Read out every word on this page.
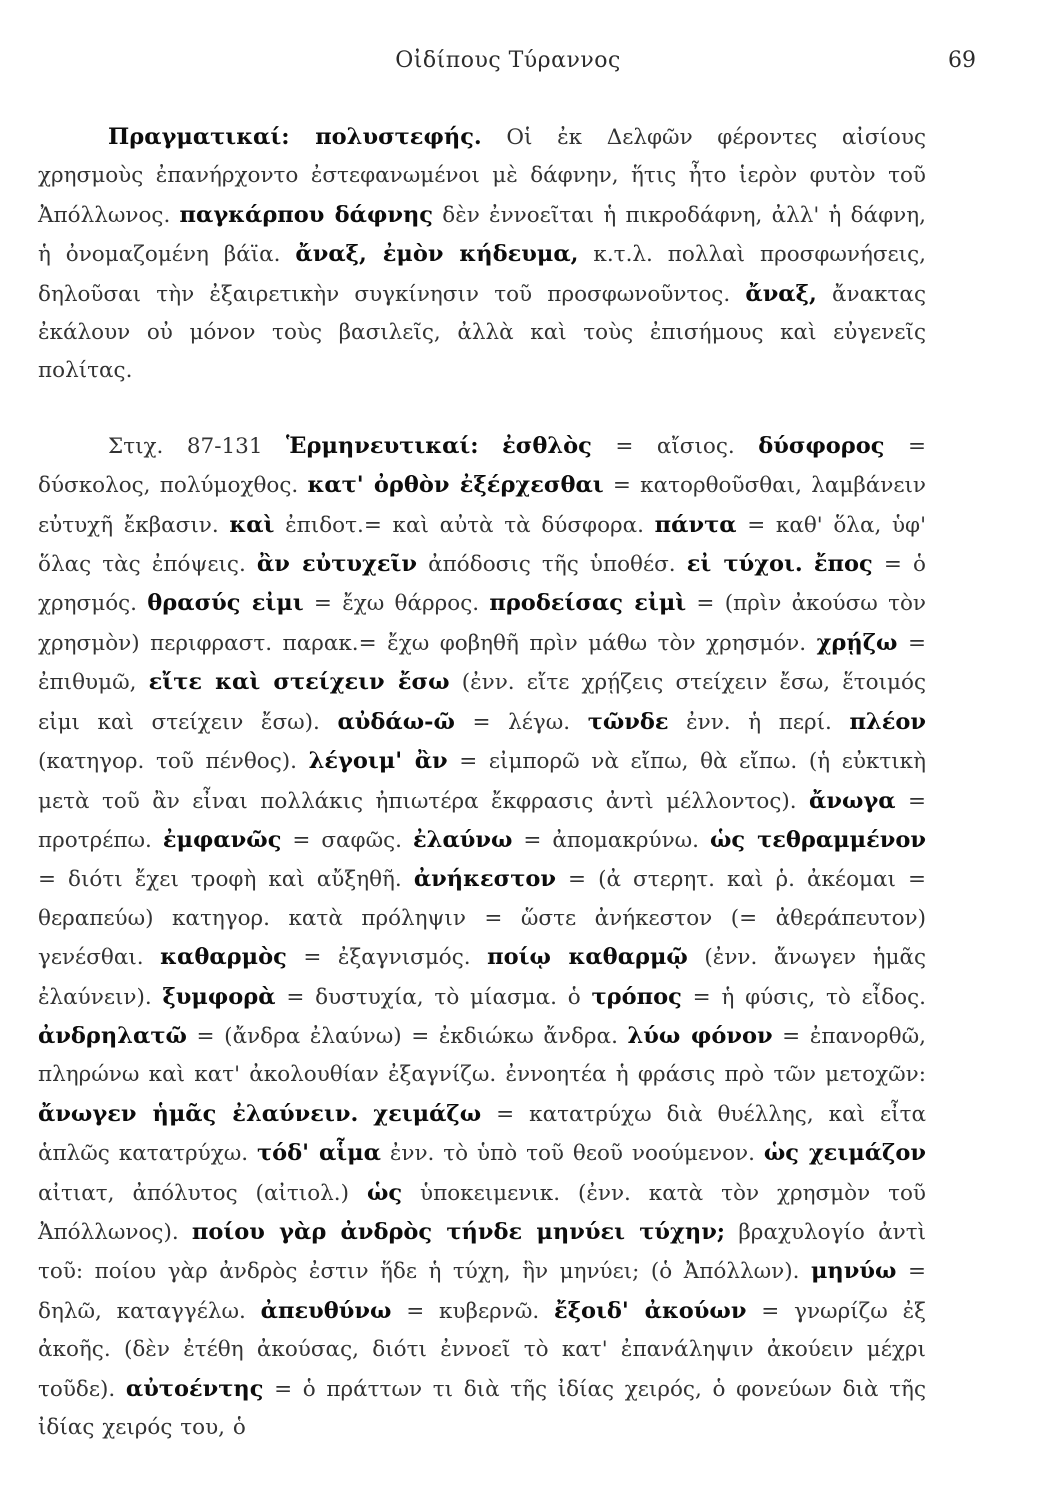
Οἰδίπους Τύραννος	69

Πραγματικαί: πολυστεφής. Οἱ ἐκ Δελφῶν φέροντες αἰσίους χρησμοὺς ἐπανήρχοντο ἐστεφανωμένοι μὲ δάφνην, ἥτις ἦτο ἱερὸν φυτὸν τοῦ Ἀπόλλωνος. παγκάρπου δάφνης δὲν ἐννοεῖται ἡ πικροδάφνη, ἀλλ' ἡ δάφνη, ἡ ὀνομαζομένη βάϊα. ἄναξ, ἐμὸν κήδευμα, κ.τ.λ. πολλαὶ προσφωνήσεις, δηλοῦσαι τὴν ἐξαιρετικὴν συγκίνησιν τοῦ προσφωνοῦντος. ἄναξ, ἄνακτας ἐκάλουν οὐ μόνον τοὺς βασιλεῖς, ἀλλὰ καὶ τοὺς ἐπισήμους καὶ εὐγενεῖς πολίτας.

Στιχ. 87-131 Ἑρμηνευτικαί: ἐσθλὸς = αἴσιος. δύσφορος = δύσκολος, πολύμοχθος. κατ' ὀρθὸν ἐξέρχεσθαι = κατορθοῦσθαι, λαμβάνειν εὐτυχῆ ἔκβασιν. καὶ ἐπιδοτ.= καὶ αὐτὰ τὰ δύσφορα. πάντα = καθ' ὅλα, ὑφ' ὅλας τὰς ἐπόψεις. ἂν εὐτυχεῖν ἀπόδοσις τῆς ὑποθέσ. εἰ τύχοι. ἔπος = ὁ χρησμός. θρασύς εἰμι = ἔχω θάρρος. προδείσας εἰμὶ = (πρὶν ἀκούσω τὸν χρησμὸν) περιφραστ. παρακ.= ἔχω φοβηθῆ πρὶν μάθω τὸν χρησμόν. χρῄζω = ἐπιθυμῶ, εἴτε καὶ στείχειν ἔσω (ἐνν. εἴτε χρῄζεις στείχειν ἔσω, ἕτοιμός εἰμι καὶ στείχειν ἔσω). αὐδάω-ῶ = λέγω. τῶνδε ἐνν. ἡ περί. πλέον (κατηγορ. τοῦ πένθος). λέγοιμ' ἂν = εἰμπορῶ νὰ εἴπω, θὰ εἴπω. (ἡ εὐκτικὴ μετὰ τοῦ ἂν εἶναι πολλάκις ἠπιωτέρα ἔκφρασις ἀντὶ μέλλοντος). ἄνωγα = προτρέπω. ἐμφανῶς = σαφῶς. ἐλαύνω = ἀπομακρύνω. ὡς τεθραμμένον = διότι ἔχει τροφὴ καὶ αὔξηθῆ. ἀνήκεστον = (ἀ στερητ. καὶ ῥ. ἀκέομαι = θεραπεύω) κατηγορ. κατὰ πρόληψιν = ὥστε ἀνήκεστον (= ἀθεράπευτον) γενέσθαι. καθαρμὸς = ἐξαγνισμός. ποίῳ καθαρμῷ (ἐνν. ἄνωγεν ἡμᾶς ἐλαύνειν). ξυμφορὰ = δυστυχία, τὸ μίασμα. ὁ τρόπος = ἡ φύσις, τὸ εἶδος. ἀνδρηλατῶ = (ἄνδρα ἐλαύνω) = ἐκδιώκω ἄνδρα. λύω φόνον = ἐπανορθῶ, πληρώνω καὶ κατ' ἀκολουθίαν ἐξαγνίζω. ἐννοητέα ἡ φράσις πρὸ τῶν μετοχῶν: ἄνωγεν ἡμᾶς ἐλαύνειν. χειμάζω = κατατρύχω διὰ θυέλλης, καὶ εἶτα ἁπλῶς κατατρύχω. τόδ' αἷμα ἐνν. τὸ ὑπὸ τοῦ θεοῦ νοούμενον. ὡς χειμάζον αἰτιατ, ἀπόλυτος (αἰτιολ.) ὡς ὑποκειμενικ. (ἐνν. κατὰ τὸν χρησμὸν τοῦ Ἀπόλλωνος). ποίου γὰρ ἀνδρὸς τήνδε μηνύει τύχην; βραχυλογίο ἀντὶ τοῦ: ποίου γὰρ ἀνδρὸς ἐστιν ἥδε ἡ τύχη, ἣν μηνύει; (ὁ Ἀπόλλων). μηνύω = δηλῶ, καταγγέλω. ἀπευθύνω = κυβερνῶ. ἔξοιδ' ἀκούων = γνωρίζω ἐξ ἀκοῆς. (δὲν ἐτέθη ἀκούσας, διότι ἐννοεῖ τὸ κατ' ἐπανάληψιν ἀκούειν μέχρι τοῦδε). αὐτοέντης = ὁ πράττων τι διὰ τῆς ἰδίας χειρός, ὁ φονεύων διὰ τῆς ἰδίας χειρός του, ὁ
